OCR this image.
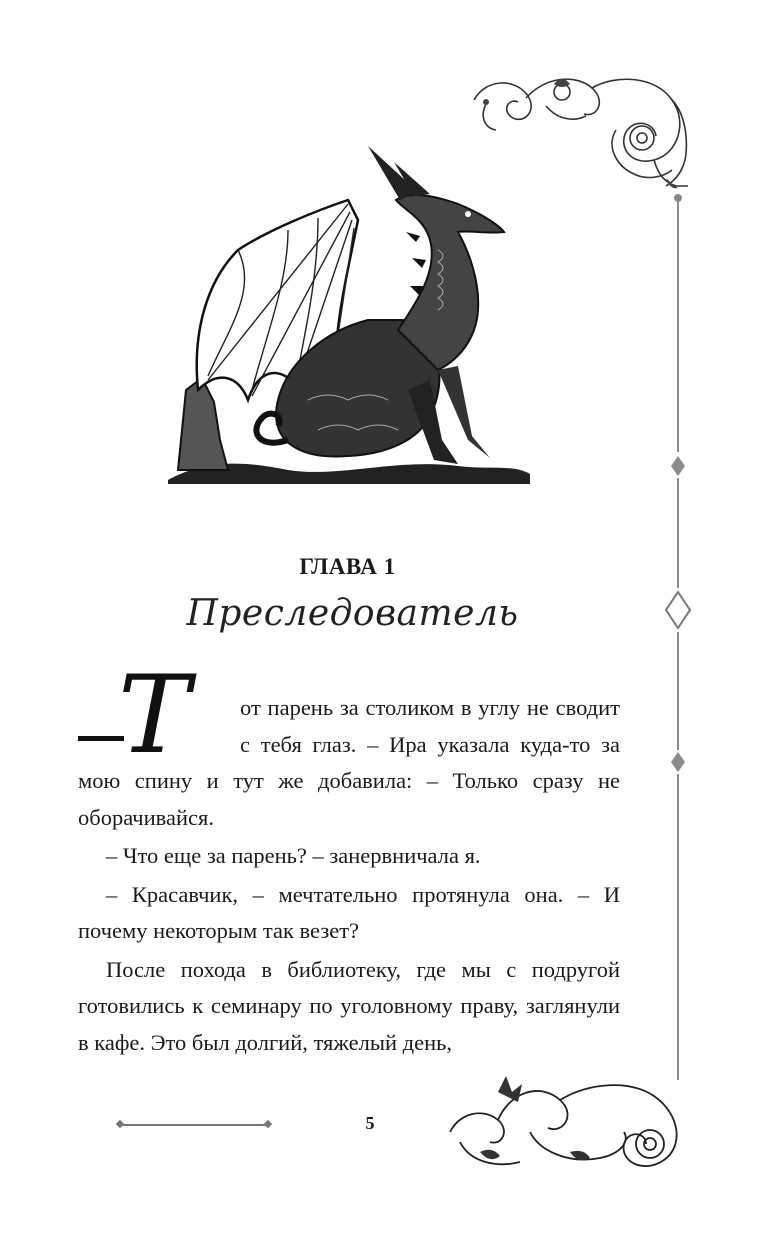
ГЛАВА 1
Преследователь

Т от парень за столиком в углу не сводит с тебя глаз. – Ира указала куда-то за мою спину и тут же добавила: – Только сразу не оборачивайся.

– Что еще за парень? – занервничала я.

– Красавчик, – мечтательно протянула она. – И почему некоторым так везет?

После похода в библиотеку, где мы с подругой готовились к семинару по уголовному праву, заглянули в кафе. Это был долгий, тяжелый день,

5
